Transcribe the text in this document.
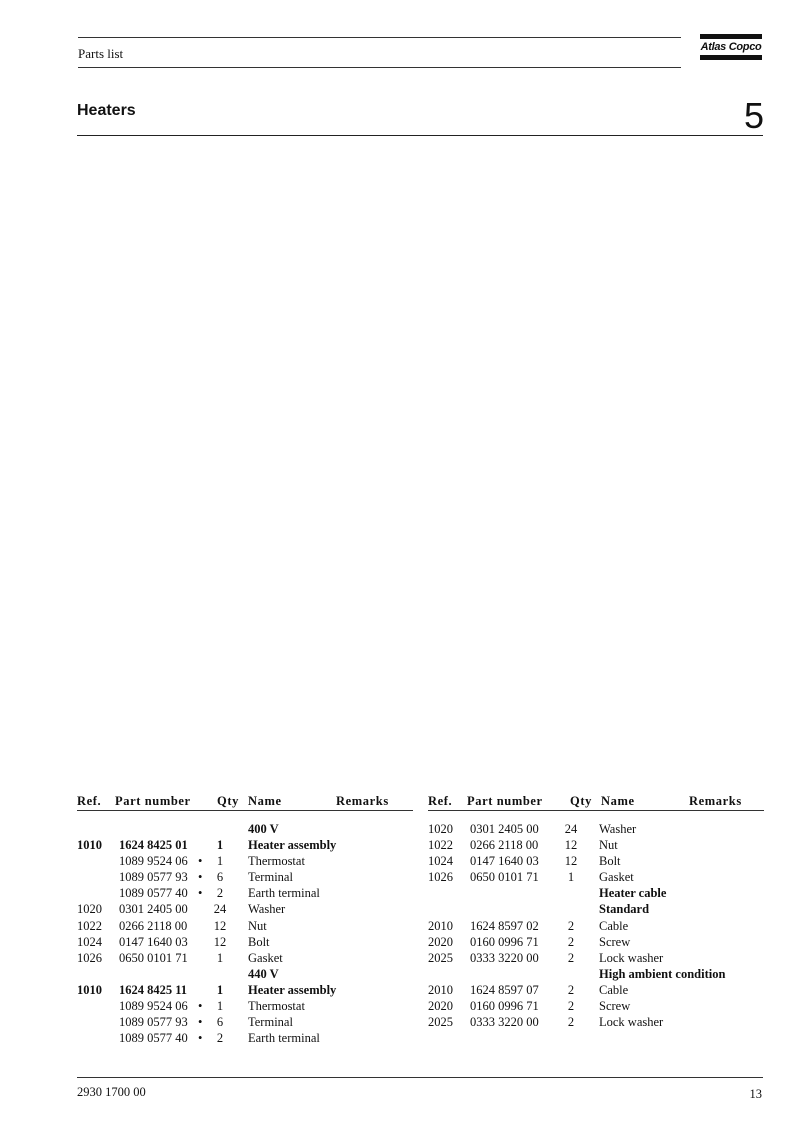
Parts list	Atlas Copco
Heaters	5
Ref. Part number Qty Name	Remarks
400 V
1010 1624 8425 01	1	Heater assembly
1089 9524 06 •	1	Thermostat
1089 0577 93 •	6	Terminal
1089 0577 40 •	2	Earth terminal
1020 0301 2405 00	24	Washer
1022 0266 2118 00	12	Nut
1024 0147 1640 03	12	Bolt
1026 0650 0101 71	1	Gasket
440 V
1010 1624 8425 11	1	Heater assembly
1089 9524 06 •	1	Thermostat
1089 0577 93 •	6	Terminal
1089 0577 40 •	2	Earth terminal
Ref. Part number Qty Name	Remarks
1020 0301 2405 00	24	Washer
1022 0266 2118 00	12	Nut
1024 0147 1640 03	12	Bolt
1026 0650 0101 71	1	Gasket
Heater cable
Standard
2010 1624 8597 02	2	Cable
2020 0160 0996 71	2	Screw
2025 0333 3220 00	2	Lock washer
High ambient condition
2010 1624 8597 07	2	Cable
2020 0160 0996 71	2	Screw
2025 0333 3220 00	2	Lock washer
2930 1700 00	13
